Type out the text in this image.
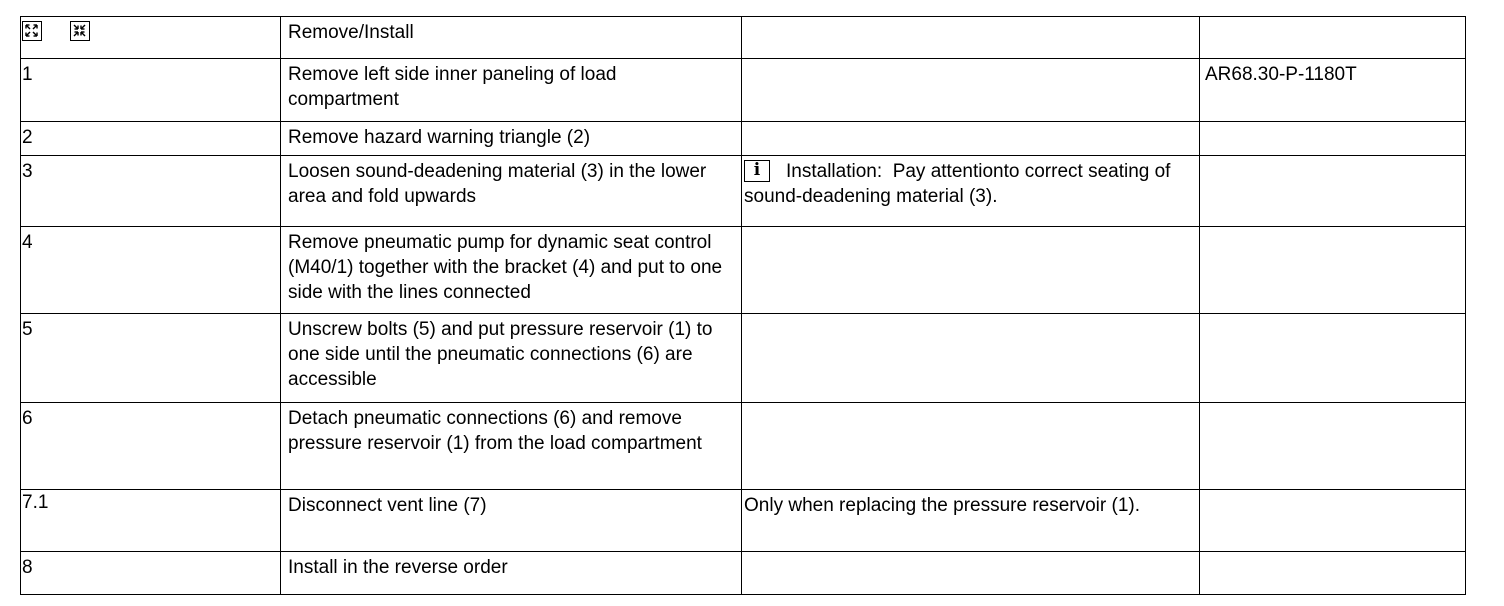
	Remove/Install		
1	Remove left side inner paneling of load compartment		AR68.30-P-1180T
2	Remove hazard warning triangle (2)		
3	Loosen sound-deadening material (3) in the lower area and fold upwards	i Installation: Pay attentionto correct seating of sound-deadening material (3).	
4	Remove pneumatic pump for dynamic seat control (M40/1) together with the bracket (4) and put to one side with the lines connected		
5	Unscrew bolts (5) and put pressure reservoir (1) to one side until the pneumatic connections (6) are accessible		
6	Detach pneumatic connections (6) and remove pressure reservoir (1) from the load compartment		
7.1	Disconnect vent line (7)	Only when replacing the pressure reservoir (1).	
8	Install in the reverse order		
